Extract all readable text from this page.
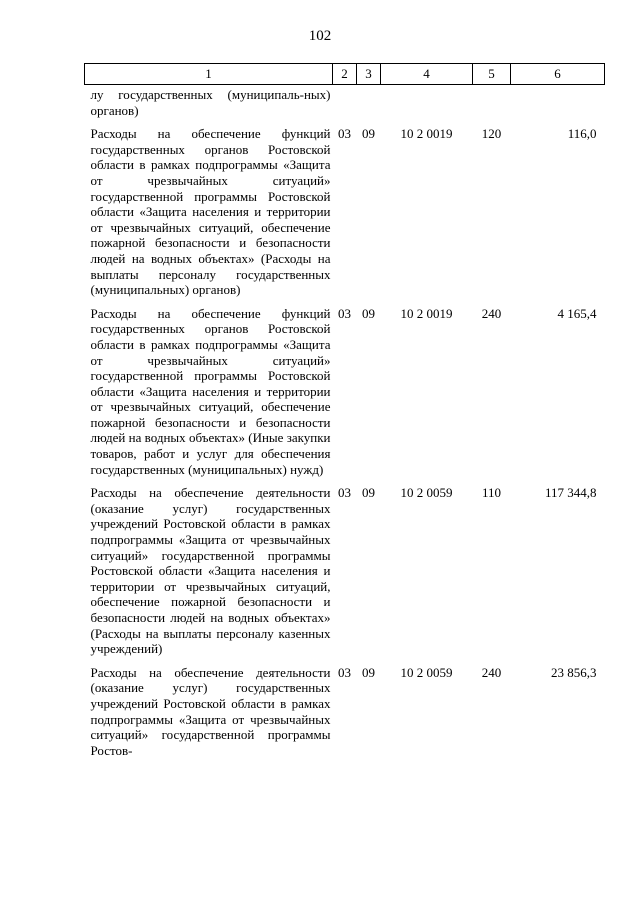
102
1	2	3	4	5	6
лу государственных (муниципаль-ных) органов)					
Расходы на обеспечение функций государственных органов Ростовской области в рамках подпрограммы «Защита от чрезвычайных ситуаций» государственной программы Ростовской области «Защита населения и территории от чрезвычайных ситуаций, обеспечение пожарной безопасности и безопасности людей на водных объектах» (Расходы на выплаты персоналу государственных (муниципальных) органов)	03	09	10 2 0019	120	116,0
Расходы на обеспечение функций государственных органов Ростовской области в рамках подпрограммы «Защита от чрезвычайных ситуаций» государственной программы Ростовской области «Защита населения и территории от чрезвычайных ситуаций, обеспечение пожарной безопасности и безопасности людей на водных объектах» (Иные закупки товаров, работ и услуг для обеспечения государственных (муниципальных) нужд)	03	09	10 2 0019	240	4 165,4
Расходы на обеспечение деятельности (оказание услуг) государственных учреждений Ростовской области в рамках подпрограммы «Защита от чрезвычайных ситуаций» государственной программы Ростовской области «Защита населения и территории от чрезвычайных ситуаций, обеспечение пожарной безопасности и безопасности людей на водных объектах» (Расходы на выплаты персоналу казенных учреждений)	03	09	10 2 0059	110	117 344,8
Расходы на обеспечение деятельности (оказание услуг) государственных учреждений Ростовской области в рамках подпрограммы «Защита от чрезвычайных ситуаций» государственной программы Ростов-	03	09	10 2 0059	240	23 856,3
